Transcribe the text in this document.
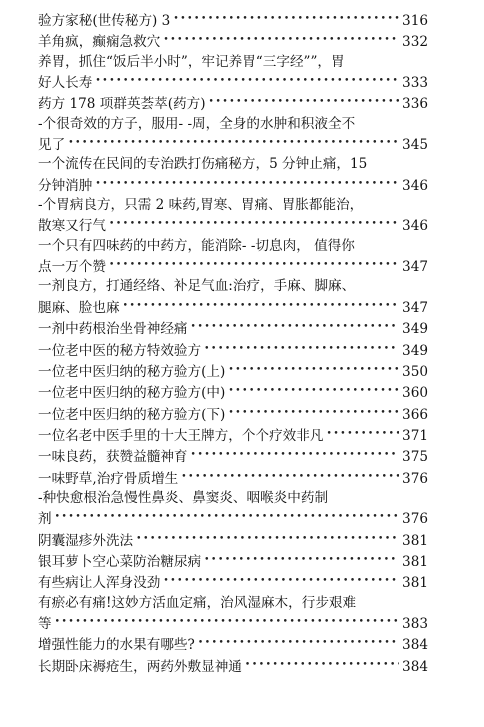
验方家秘(世传秘方) 3 •••••	316
羊角疯，癫痫急救穴 •••••	332
养胃，抓住“饭后半小时”，牢记养胃“三字经””，胃
好人长寿 •••••	333
药方 178 项群英荟萃(药方) •••••	336
-个很奇效的方子，服用- -周，全身的水肿和积液全不
见了 •••••	345
一个流传在民间的专治跌打伤痛秘方，5 分钟止痛，15
分钟消肿 •••••	346
-个胃病良方，只需 2 味药,胃寒、胃痛、胃胀都能治，
散寒又行气 •••••	346
一个只有四味药的中药方，能消除- -切息肉， 值得你
点一万个赞 •••••	347
一剂良方，打通经络、补足气血:治疗，手麻、脚麻、
腿麻、脸也麻 •••••	347
一剂中药根治坐骨神经痛 •••••	349
一位老中医的秘方特效验方 •••••	349
一位老中医归纳的秘方验方(上) •••••	350
一位老中医归纳的秘方验方(中) •••••	360
一位老中医归纳的秘方验方(下) •••••	366
一位名老中医手里的十大王牌方，个个疗效非凡 •••••	371
一味良药，获赞益髓神育 •••••	375
一味野草,治疗骨质增生 •••••	376
-种快愈根治急慢性鼻炎、鼻窦炎、咽喉炎中药制
剂 •••••	376
阴囊湿疹外洗法 •••••	381
银耳萝卜空心菜防治糖尿病 •••••	381
有些病让人浑身没劲 •••••	381
有瘀必有痛!这妙方活血定痛，治风湿麻木，行步艰难
等 •••••	383
增强性能力的水果有哪些? •••••	384
长期卧床褥疮生，两药外敷显神通 •••••	384
